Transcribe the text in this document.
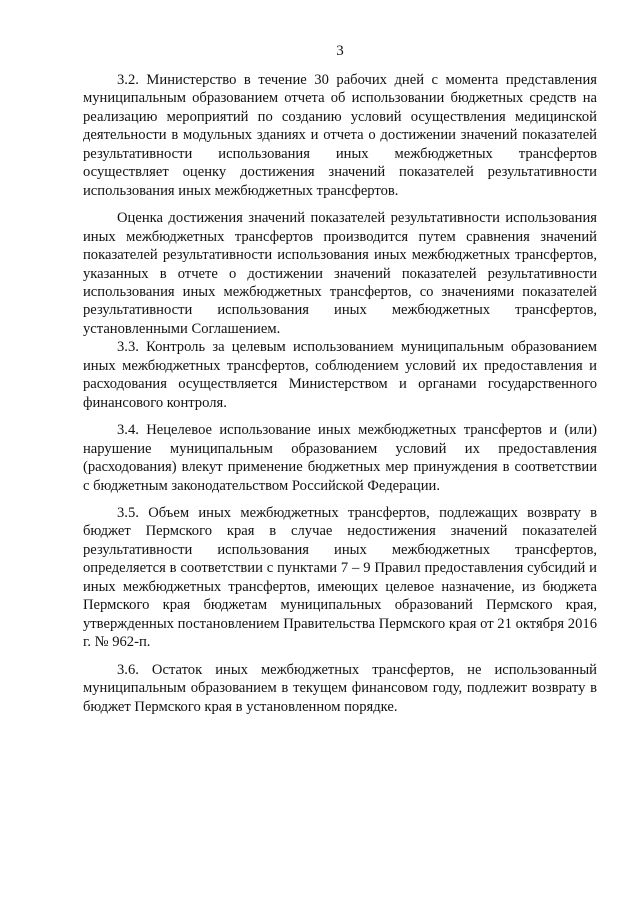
3

3.2. Министерство в течение 30 рабочих дней с момента представления муниципальным образованием отчета об использовании бюджетных средств на реализацию мероприятий по созданию условий осуществления медицинской деятельности в модульных зданиях и отчета о достижении значений показателей результативности использования иных межбюджетных трансфертов осуществляет оценку достижения значений показателей результативности использования иных межбюджетных трансфертов.

Оценка достижения значений показателей результативности использования иных межбюджетных трансфертов производится путем сравнения значений показателей результативности использования иных межбюджетных трансфертов, указанных в отчете о достижении значений показателей результативности использования иных межбюджетных трансфертов, со значениями показателей результативности использования иных межбюджетных трансфертов, установленными Соглашением.

3.3. Контроль за целевым использованием муниципальным образованием иных межбюджетных трансфертов, соблюдением условий их предоставления и расходования осуществляется Министерством и органами государственного финансового контроля.

3.4. Нецелевое использование иных межбюджетных трансфертов и (или) нарушение муниципальным образованием условий их предоставления (расходования) влекут применение бюджетных мер принуждения в соответствии с бюджетным законодательством Российской Федерации.

3.5. Объем иных межбюджетных трансфертов, подлежащих возврату в бюджет Пермского края в случае недостижения значений показателей результативности использования иных межбюджетных трансфертов, определяется в соответствии с пунктами 7 – 9 Правил предоставления субсидий и иных межбюджетных трансфертов, имеющих целевое назначение, из бюджета Пермского края бюджетам муниципальных образований Пермского края, утвержденных постановлением Правительства Пермского края от 21 октября 2016 г. № 962-п.

3.6. Остаток иных межбюджетных трансфертов, не использованный муниципальным образованием в текущем финансовом году, подлежит возврату в бюджет Пермского края в установленном порядке.
